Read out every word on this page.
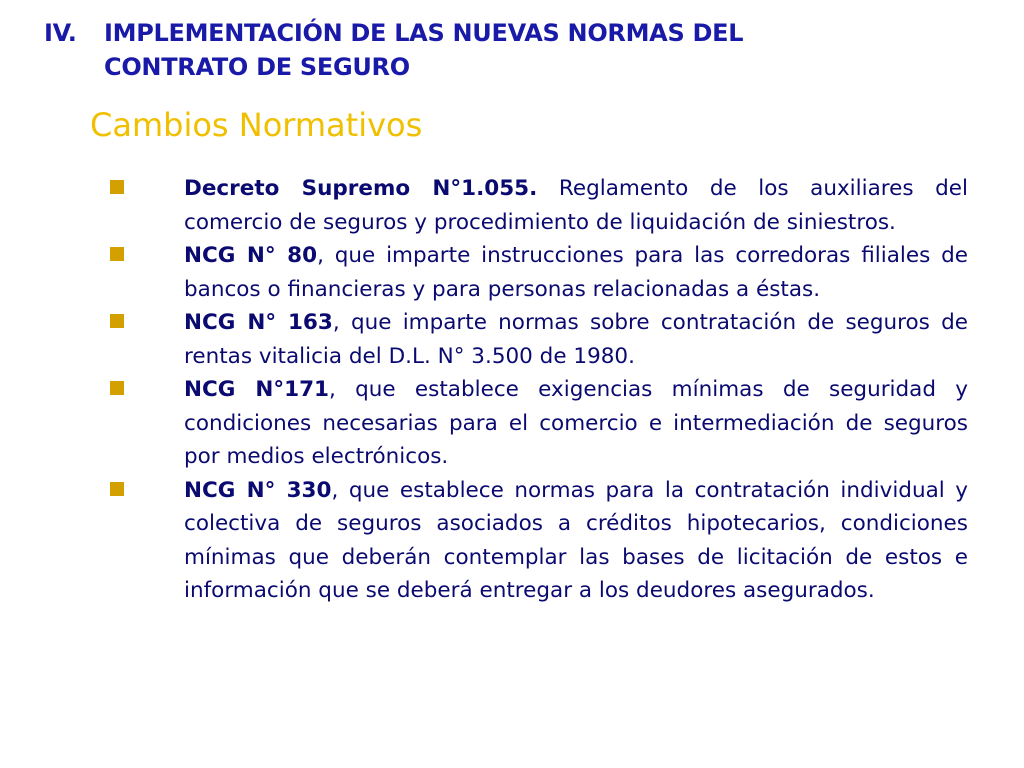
IV.	IMPLEMENTACIÓN DE LAS NUEVAS NORMAS DEL
CONTRATO DE SEGURO
Cambios Normativos
Decreto Supremo N°1.055. Reglamento de los auxiliares del comercio de seguros y procedimiento de liquidación de siniestros.
NCG N° 80, que imparte instrucciones para las corredoras filiales de bancos o financieras y para personas relacionadas a éstas.
NCG N° 163, que imparte normas sobre contratación de seguros de rentas vitalicia del D.L. N° 3.500 de 1980.
NCG N°171, que establece exigencias mínimas de seguridad y condiciones necesarias para el comercio e intermediación de seguros por medios electrónicos.
NCG N° 330, que establece normas para la contratación individual y colectiva de seguros asociados a créditos hipotecarios, condiciones mínimas que deberán contemplar las bases de licitación de estos e información que se deberá entregar a los deudores asegurados.
